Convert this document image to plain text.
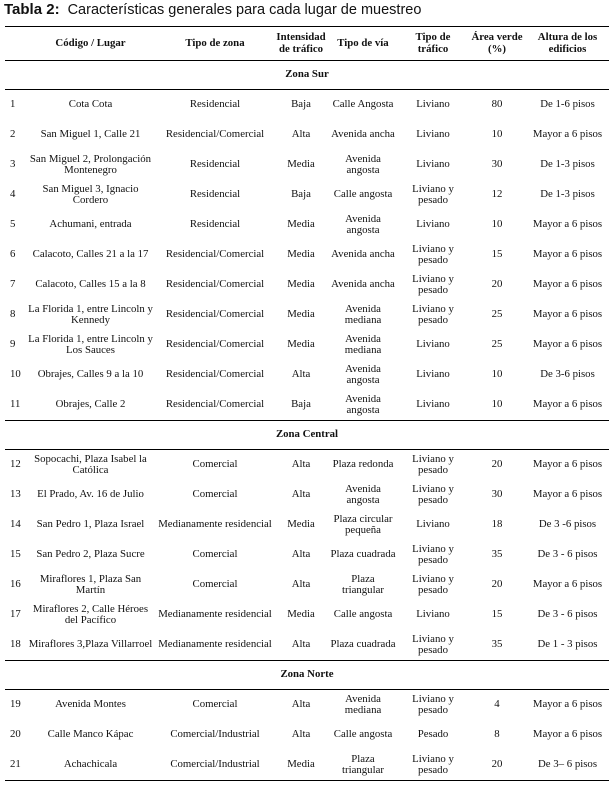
Tabla 2: Características generales para cada lugar de muestreo
	Código / Lugar	Tipo de zona	Intensidad de tráfico	Tipo de vía	Tipo de tráfico	Área verde (%)	Altura de los edificios
Zona Sur							
1	Cota Cota	Residencial	Baja	Calle Angosta	Liviano	80	De 1-6 pisos
2	San Miguel 1, Calle 21	Residencial/Comercial	Alta	Avenida ancha	Liviano	10	Mayor a 6 pisos
3	San Miguel 2, Prolongación Montenegro	Residencial	Media	Avenida angosta	Liviano	30	De 1-3 pisos
4	San Miguel 3, Ignacio Cordero	Residencial	Baja	Calle angosta	Liviano y pesado	12	De 1-3 pisos
5	Achumani, entrada	Residencial	Media	Avenida angosta	Liviano	10	Mayor a 6 pisos
6	Calacoto, Calles 21 a la 17	Residencial/Comercial	Media	Avenida ancha	Liviano y pesado	15	Mayor a 6 pisos
7	Calacoto, Calles 15 a la 8	Residencial/Comercial	Media	Avenida ancha	Liviano y pesado	20	Mayor a 6 pisos
8	La Florida 1, entre Lincoln y Kennedy	Residencial/Comercial	Media	Avenida mediana	Liviano y pesado	25	Mayor a 6 pisos
9	La Florida 1, entre Lincoln y Los Sauces	Residencial/Comercial	Media	Avenida mediana	Liviano	25	Mayor a 6 pisos
10	Obrajes, Calles 9 a la 10	Residencial/Comercial	Alta	Avenida angosta	Liviano	10	De 3-6 pisos
11	Obrajes, Calle 2	Residencial/Comercial	Baja	Avenida angosta	Liviano	10	Mayor a 6 pisos
Zona Central							
12	Sopocachi, Plaza Isabel la Católica	Comercial	Alta	Plaza redonda	Liviano y pesado	20	Mayor a 6 pisos
13	El Prado, Av. 16 de Julio	Comercial	Alta	Avenida angosta	Liviano y pesado	30	Mayor a 6 pisos
14	San Pedro 1, Plaza Israel	Medianamente residencial	Media	Plaza circular pequeña	Liviano	18	De 3 -6 pisos
15	San Pedro 2, Plaza Sucre	Comercial	Alta	Plaza cuadrada	Liviano y pesado	35	De 3 - 6 pisos
16	Miraflores 1, Plaza San Martín	Comercial	Alta	Plaza triangular	Liviano y pesado	20	Mayor a 6 pisos
17	Miraflores 2, Calle Héroes del Pacífico	Medianamente residencial	Media	Calle angosta	Liviano	15	De 3 - 6 pisos
18	Miraflores 3,Plaza Villarroel	Medianamente residencial	Alta	Plaza cuadrada	Liviano y pesado	35	De 1 - 3 pisos
Zona Norte							
19	Avenida Montes	Comercial	Alta	Avenida mediana	Liviano y pesado	4	Mayor a 6 pisos
20	Calle Manco Kápac	Comercial/Industrial	Alta	Calle angosta	Pesado	8	Mayor a 6 pisos
21	Achachicala	Comercial/Industrial	Media	Plaza triangular	Liviano y pesado	20	De 3– 6 pisos
